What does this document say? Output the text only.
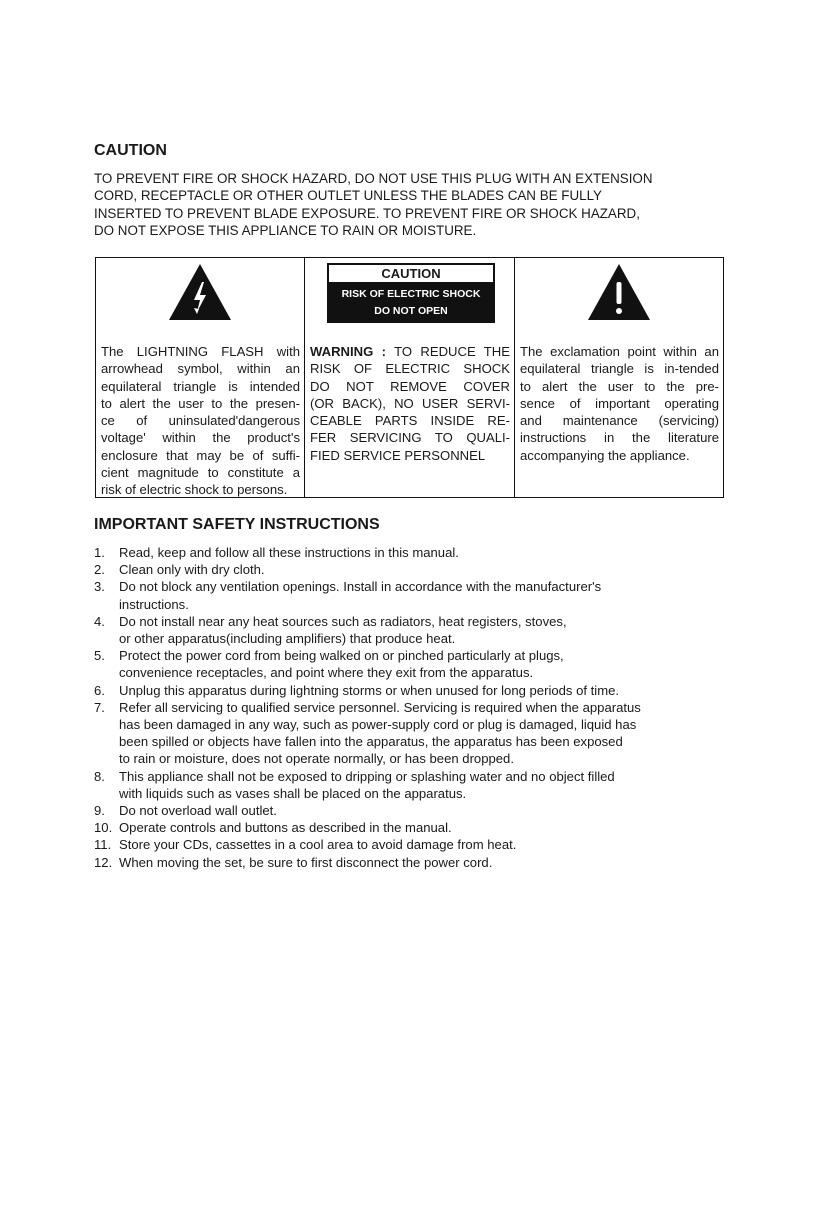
CAUTION
TO PREVENT FIRE OR SHOCK HAZARD, DO NOT USE THIS PLUG WITH AN EXTENSION
CORD, RECEPTACLE OR OTHER OUTLET UNLESS THE BLADES CAN BE FULLY
INSERTED TO PREVENT BLADE EXPOSURE. TO PREVENT FIRE OR SHOCK HAZARD,
DO NOT EXPOSE THIS APPLIANCE TO RAIN OR MOISTURE.
The LIGHTNING FLASH with
arrowhead symbol, within an
equilateral triangle is intended
to alert the user to the presen-
ce of uninsulated'dangerous
voltage' within the product's
enclosure that may be of suffi-
cient magnitude to constitute a
risk of electric shock to persons.
CAUTION
RISK OF ELECTRIC SHOCK
DO NOT OPEN
WARNING : TO REDUCE THE
RISK OF ELECTRIC SHOCK
DO NOT REMOVE COVER
(OR BACK), NO USER SERVI-
CEABLE PARTS INSIDE RE-
FER SERVICING TO QUALI-
FIED SERVICE PERSONNEL
The exclamation point within an
equilateral triangle is in-tended
to alert the user to the pre-
sence of important operating
and maintenance (servicing)
instructions in the literature
accompanying the appliance.
IMPORTANT SAFETY INSTRUCTIONS
1.	Read, keep and follow all these instructions in this manual.
2.	Clean only with dry cloth.
3.	Do not block any ventilation openings. Install in accordance with the manufacturer's
instructions.
4.	Do not install near any heat sources such as radiators, heat registers, stoves,
or other apparatus(including amplifiers) that produce heat.
5.	Protect the power cord from being walked on or pinched particularly at plugs,
convenience receptacles, and point where they exit from the apparatus.
6.	Unplug this apparatus during lightning storms or when unused for long periods of time.
7.	Refer all servicing to qualified service personnel. Servicing is required when the apparatus
has been damaged in any way, such as power-supply cord or plug is damaged, liquid has
been spilled or objects have fallen into the apparatus, the apparatus has been exposed
to rain or moisture, does not operate normally, or has been dropped.
8.	This appliance shall not be exposed to dripping or splashing water and no object filled
with liquids such as vases shall be placed on the apparatus.
9.	Do not overload wall outlet.
10. Operate controls and buttons as described in the manual.
11. Store your CDs, cassettes in a cool area to avoid damage from heat.
12. When moving the set, be sure to first disconnect the power cord.
